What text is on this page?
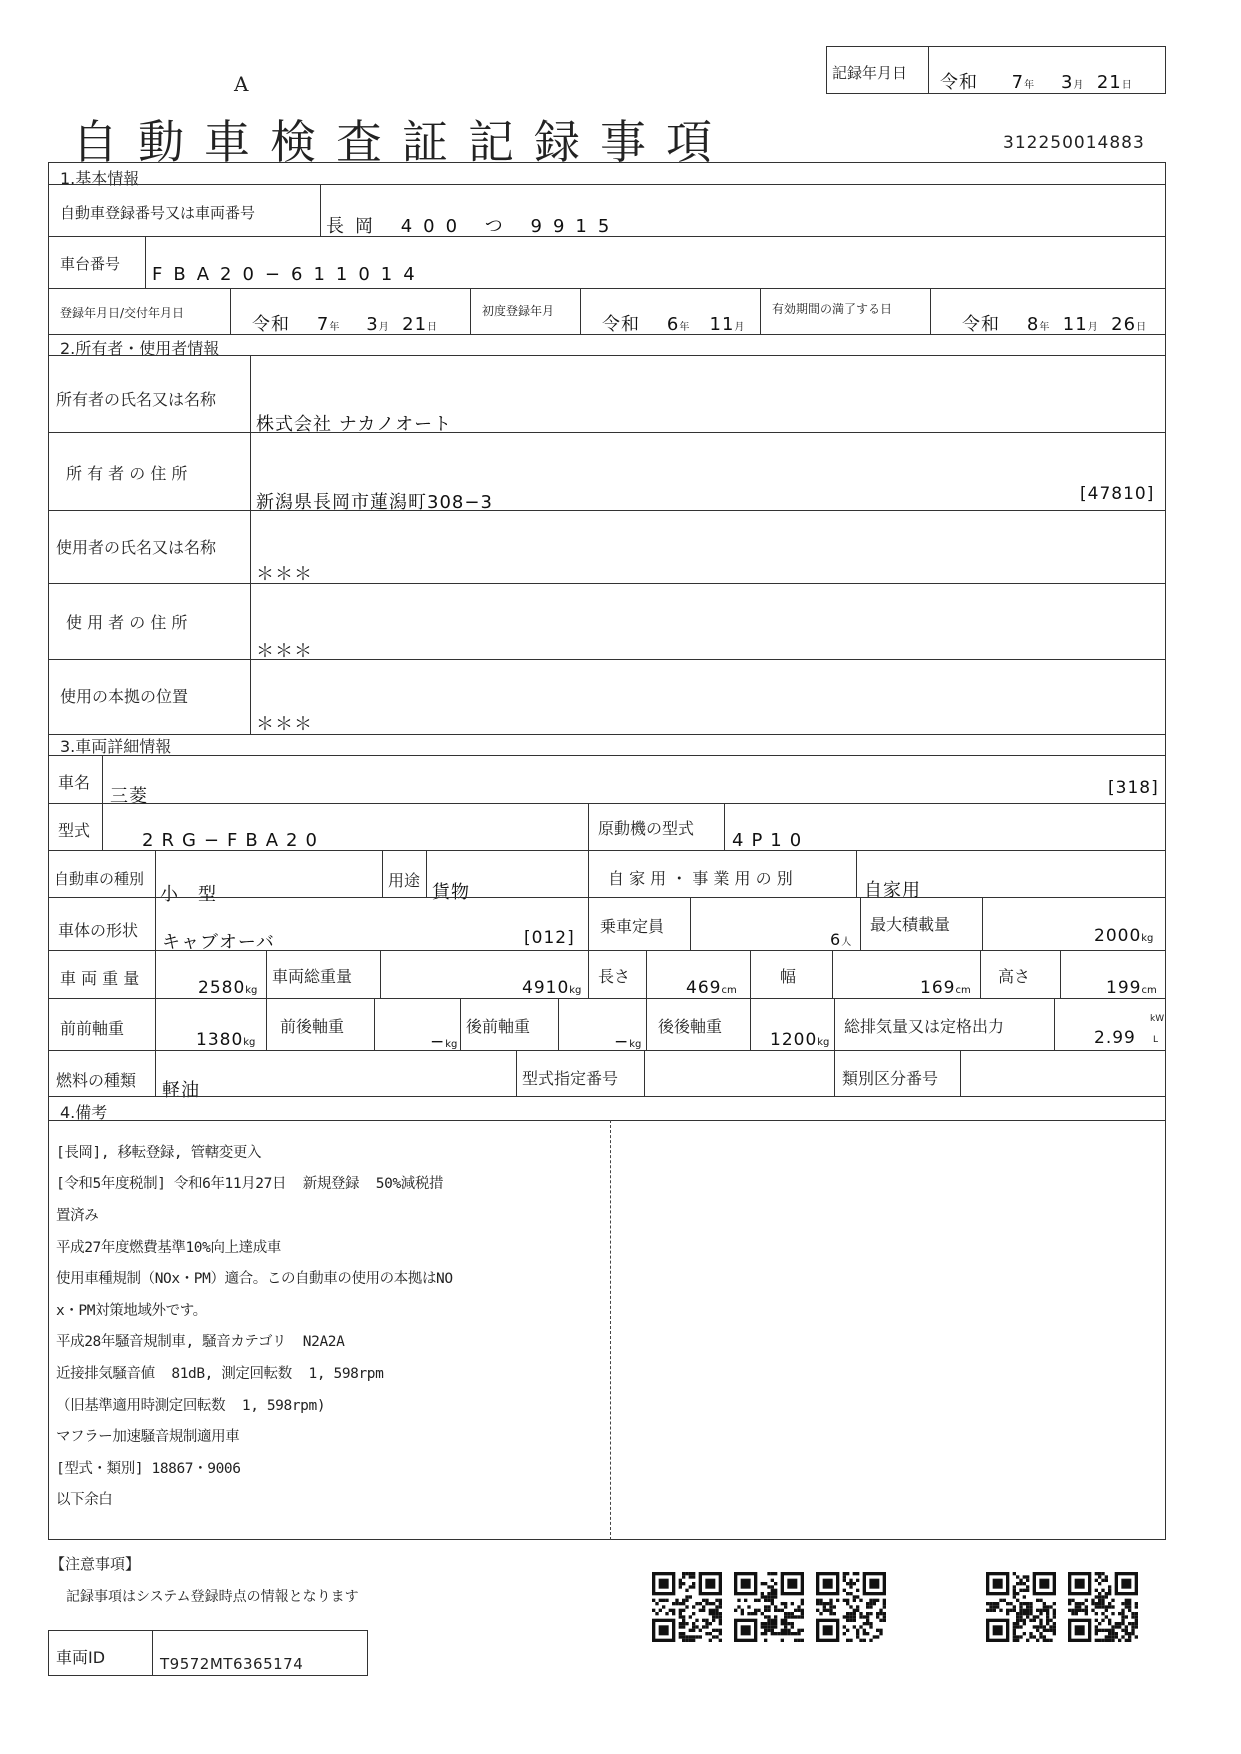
A
自動車検査証記録事項
記録年月日 令和 7年 3月 21日
312250014883
1.基本情報
自動車登録番号又は車両番号
長岡 400 つ 9915
車台番号 FBA20−611014
登録年月日/交付年月日
令和 7年 3月 21日
初度登録年月
令和 6年 11月
有効期間の満了する日
令和 8年 11月 26日
2.所有者・使用者情報
所有者の氏名又は名称
株式会社 ナカノオート
所 有 者 の 住 所
新潟県長岡市蓮潟町308−3	[47810]
使用者の氏名又は名称
＊＊＊
使 用 者 の 住 所
＊＊＊
使用の本拠の位置
＊＊＊
3.車両詳細情報
車名
三菱	[318]
型式	2RG−FBA20
原動機の型式
4P10
自動車の種別
小　型
用途
貨物
自 家 用 ・ 事 業 用 の 別
自家用
車体の形状
キャブオーバ	[012]
乗車定員
6人
最大積載量
2000kg
車 両 重 量	2580kg
車両総重量
4910kg
長さ
469cm
幅
169cm
高さ
199cm
前前軸重
1380kg
前後軸重
−kg
後前軸重
−kg
後後軸重
1200kg
総排気量又は定格出力
2.99
kW
L
燃料の種類 軽油
型式指定番号	類別区分番号
4.備考

[長岡], 移転登録, 管轄変更入

[令和5年度税制] 令和6年11月27日  新規登録  50%減税措

置済み

平成27年度燃費基準10%向上達成車

使用車種規制（NOx・PM）適合。この自動車の使用の本拠はNO

x・PM対策地域外です。

平成28年騒音規制車, 騒音カテゴリ  N2A2A

近接排気騒音値  81dB, 測定回転数  1, 598rpm

（旧基準適用時測定回転数  1, 598rpm)

マフラー加速騒音規制適用車

[型式・類別] 18867・9006

以下余白

【注意事項】
記録事項はシステム登録時点の情報となります
車両ID	T9572MT6365174
